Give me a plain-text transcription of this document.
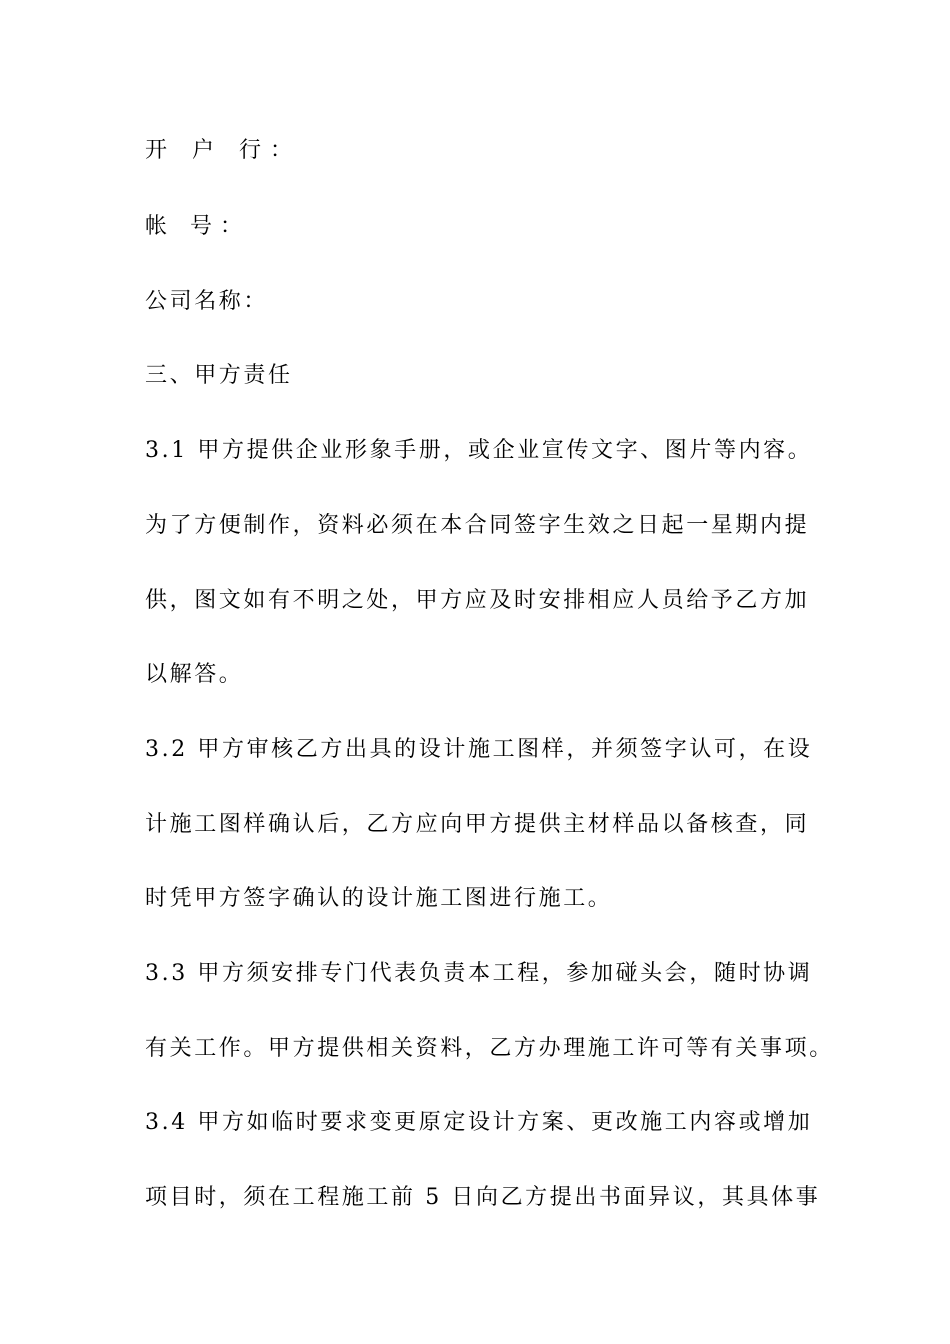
开 户 行：

帐 号：

公司名称：

三、甲方责任

3.1 甲方提供企业形象手册，或企业宣传文字、图片等内容。

为了方便制作，资料必须在本合同签字生效之日起一星期内提

供，图文如有不明之处，甲方应及时安排相应人员给予乙方加

以解答。

3.2 甲方审核乙方出具的设计施工图样，并须签字认可，在设

计施工图样确认后，乙方应向甲方提供主材样品以备核查，同

时凭甲方签字确认的设计施工图进行施工。

3.3 甲方须安排专门代表负责本工程，参加碰头会，随时协调

有关工作。甲方提供相关资料，乙方办理施工许可等有关事项。

3.4 甲方如临时要求变更原定设计方案、更改施工内容或增加

项目时，须在工程施工前 5 日向乙方提出书面异议，其具体事
